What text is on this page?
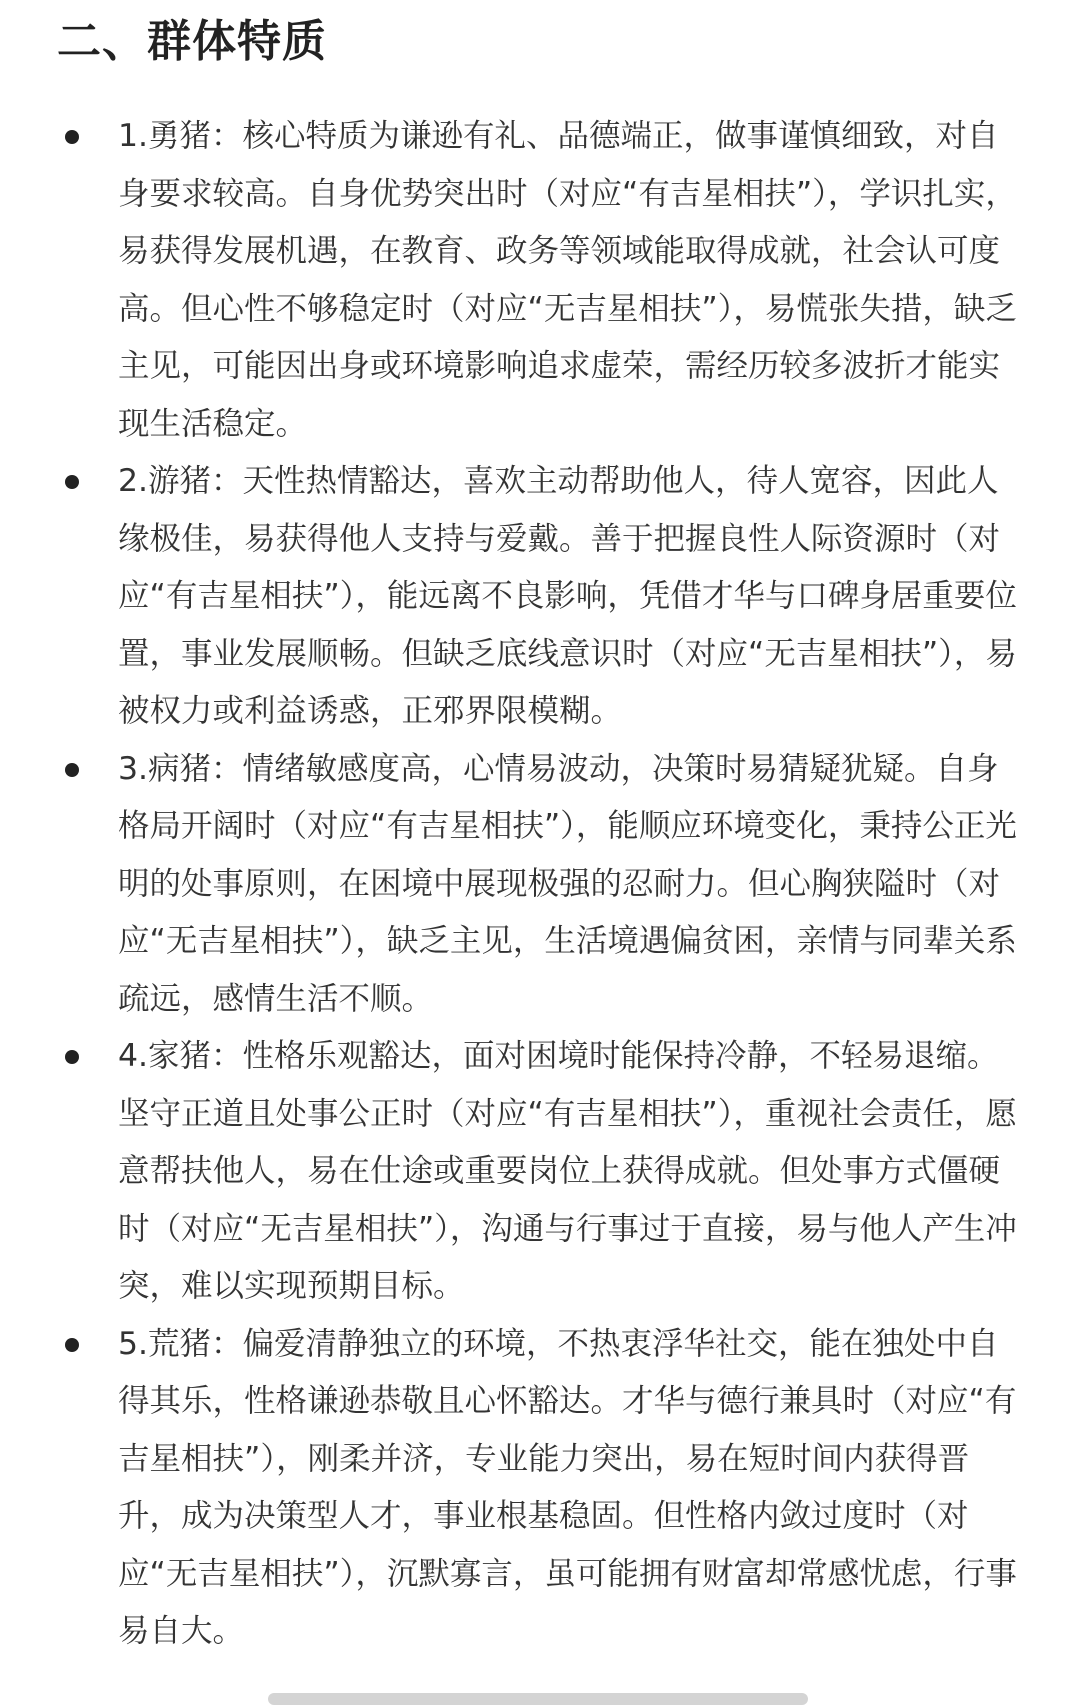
二、群体特质
1.勇猪：核心特质为谦逊有礼、品德端正，做事谨慎细致，对自身要求较高。自身优势突出时（对应“有吉星相扶”），学识扎实，易获得发展机遇，在教育、政务等领域能取得成就，社会认可度高。但心性不够稳定时（对应“无吉星相扶”），易慌张失措，缺乏主见，可能因出身或环境影响追求虚荣，需经历较多波折才能实现生活稳定。
2.游猪：天性热情豁达，喜欢主动帮助他人，待人宽容，因此人缘极佳，易获得他人支持与爱戴。善于把握良性人际资源时（对应“有吉星相扶”），能远离不良影响，凭借才华与口碑身居重要位置，事业发展顺畅。但缺乏底线意识时（对应“无吉星相扶”），易被权力或利益诱惑，正邪界限模糊。
3.病猪：情绪敏感度高，心情易波动，决策时易猜疑犹疑。自身格局开阔时（对应“有吉星相扶”），能顺应环境变化，秉持公正光明的处事原则，在困境中展现极强的忍耐力。但心胸狭隘时（对应“无吉星相扶”），缺乏主见，生活境遇偏贫困，亲情与同辈关系疏远，感情生活不顺。
4.家猪：性格乐观豁达，面对困境时能保持冷静，不轻易退缩。坚守正道且处事公正时（对应“有吉星相扶”），重视社会责任，愿意帮扶他人，易在仕途或重要岗位上获得成就。但处事方式僵硬时（对应“无吉星相扶”），沟通与行事过于直接，易与他人产生冲突，难以实现预期目标。
5.荒猪：偏爱清静独立的环境，不热衷浮华社交，能在独处中自得其乐，性格谦逊恭敬且心怀豁达。才华与德行兼具时（对应“有吉星相扶”），刚柔并济，专业能力突出，易在短时间内获得晋升，成为决策型人才，事业根基稳固。但性格内敛过度时（对应“无吉星相扶”），沉默寡言，虽可能拥有财富却常感忧虑，行事易自大。
